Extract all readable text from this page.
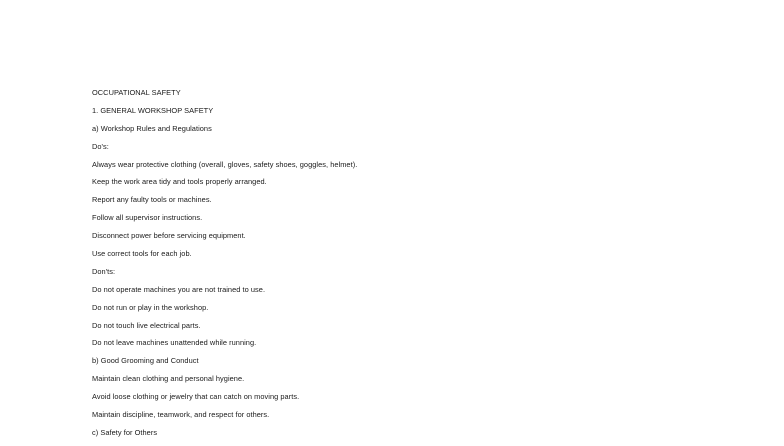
OCCUPATIONAL SAFETY
1. GENERAL WORKSHOP SAFETY
a) Workshop Rules and Regulations
Do's:
Always wear protective clothing (overall, gloves, safety shoes, goggles, helmet).
Keep the work area tidy and tools properly arranged.
Report any faulty tools or machines.
Follow all supervisor instructions.
Disconnect power before servicing equipment.
Use correct tools for each job.
Don'ts:
Do not operate machines you are not trained to use.
Do not run or play in the workshop.
Do not touch live electrical parts.
Do not leave machines unattended while running.
b) Good Grooming and Conduct
Maintain clean clothing and personal hygiene.
Avoid loose clothing or jewelry that can catch on moving parts.
Maintain discipline, teamwork, and respect for others.
c) Safety for Others
